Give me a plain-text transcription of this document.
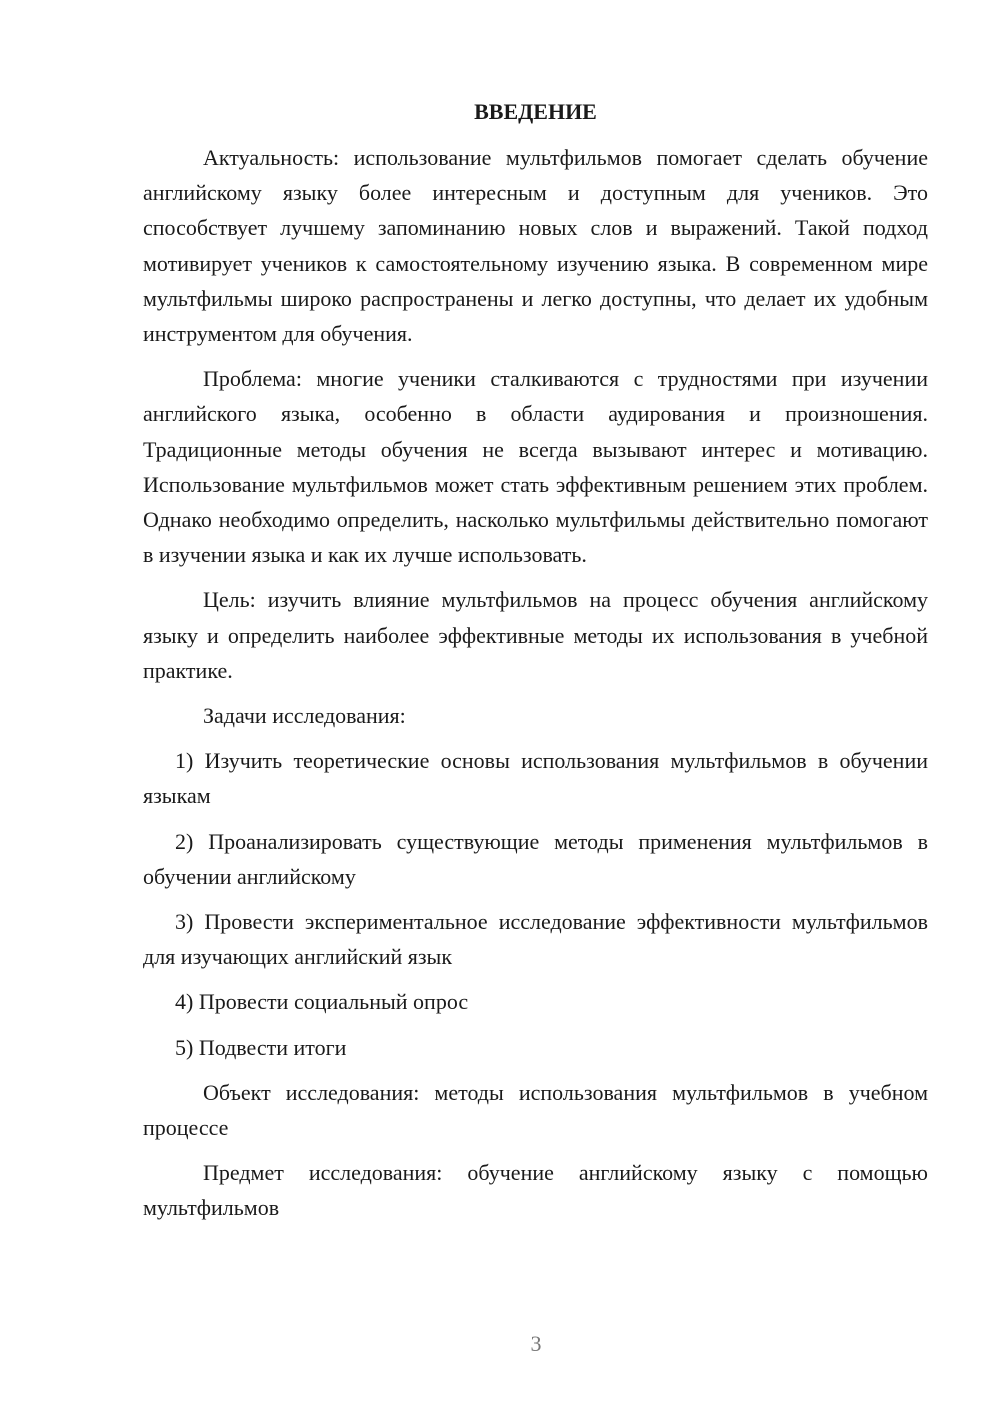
ВВЕДЕНИЕ

Актуальность: использование мультфильмов помогает сделать обучение английскому языку более интересным и доступным для учеников. Это способствует лучшему запоминанию новых слов и выражений. Такой подход мотивирует учеников к самостоятельному изучению языка. В современном мире мультфильмы широко распространены и легко доступны, что делает их удобным инструментом для обучения.

Проблема: многие ученики сталкиваются с трудностями при изучении английского языка, особенно в области аудирования и произношения. Традиционные методы обучения не всегда вызывают интерес и мотивацию. Использование мультфильмов может стать эффективным решением этих проблем. Однако необходимо определить, насколько мультфильмы действительно помогают в изучении языка и как их лучше использовать.

Цель: изучить влияние мультфильмов на процесс обучения английскому языку и определить наиболее эффективные методы их использования в учебной практике.

Задачи исследования:

1) Изучить теоретические основы использования мультфильмов в обучении языкам

2) Проанализировать существующие методы применения мультфильмов в обучении английскому

3) Провести экспериментальное исследование эффективности мультфильмов для изучающих английский язык

4) Провести социальный опрос

5) Подвести итоги

Объект исследования: методы использования мультфильмов в учебном процессе

Предмет исследования: обучение английскому языку с помощью мультфильмов

3
